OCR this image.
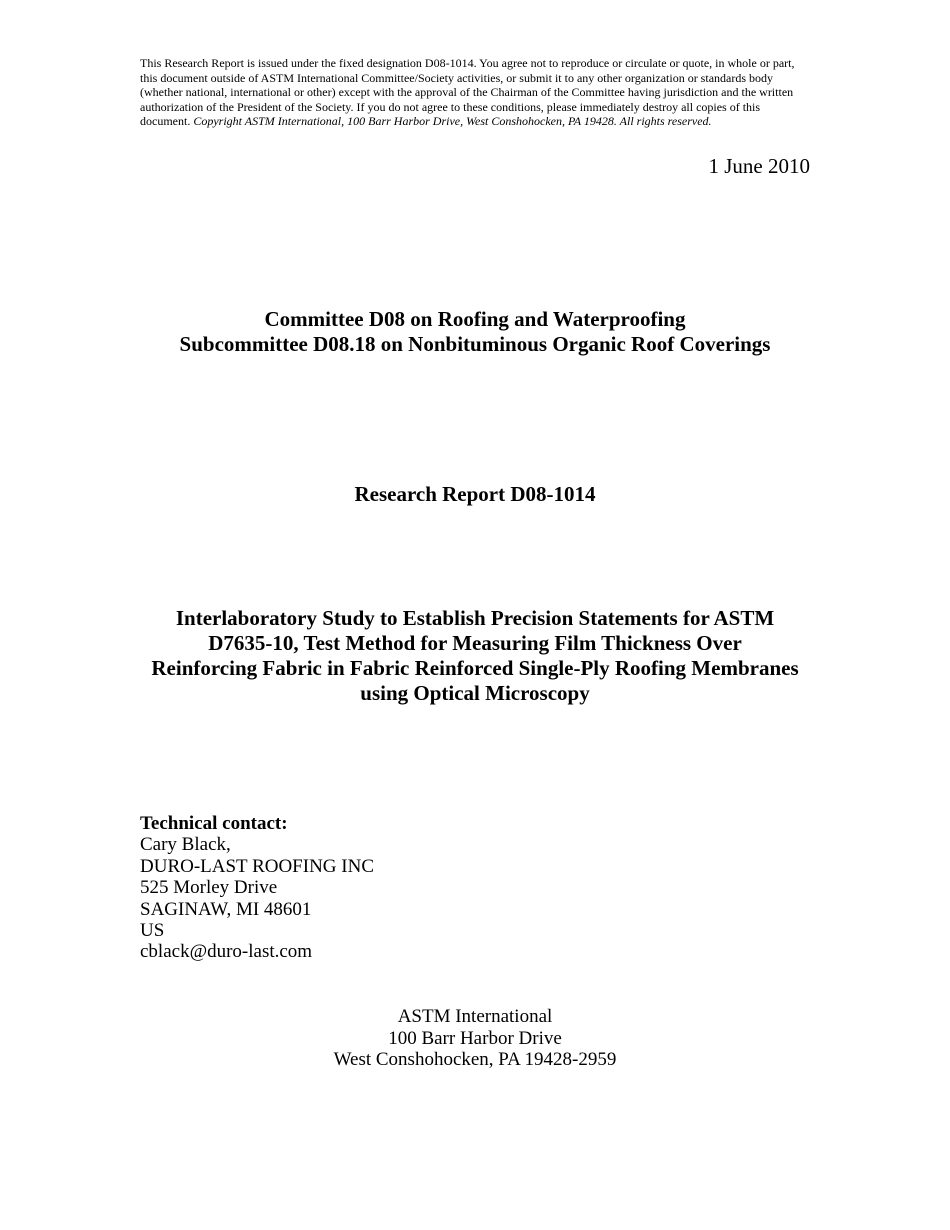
This Research Report is issued under the fixed designation D08-1014. You agree not to reproduce or circulate or quote, in whole or part, this document outside of ASTM International Committee/Society activities, or submit it to any other organization or standards body (whether national, international or other) except with the approval of the Chairman of the Committee having jurisdiction and the written authorization of the President of the Society. If you do not agree to these conditions, please immediately destroy all copies of this document. Copyright ASTM International, 100 Barr Harbor Drive, West Conshohocken, PA 19428. All rights reserved.
1 June 2010
Committee D08 on Roofing and Waterproofing
Subcommittee D08.18 on Nonbituminous Organic Roof Coverings
Research Report D08-1014
Interlaboratory Study to Establish Precision Statements for ASTM
D7635-10, Test Method for Measuring Film Thickness Over
Reinforcing Fabric in Fabric Reinforced Single-Ply Roofing Membranes
using Optical Microscopy
Technical contact:
Cary Black,
DURO-LAST ROOFING INC
525 Morley Drive
SAGINAW, MI 48601
US
cblack@duro-last.com
ASTM International
100 Barr Harbor Drive
West Conshohocken, PA 19428-2959
